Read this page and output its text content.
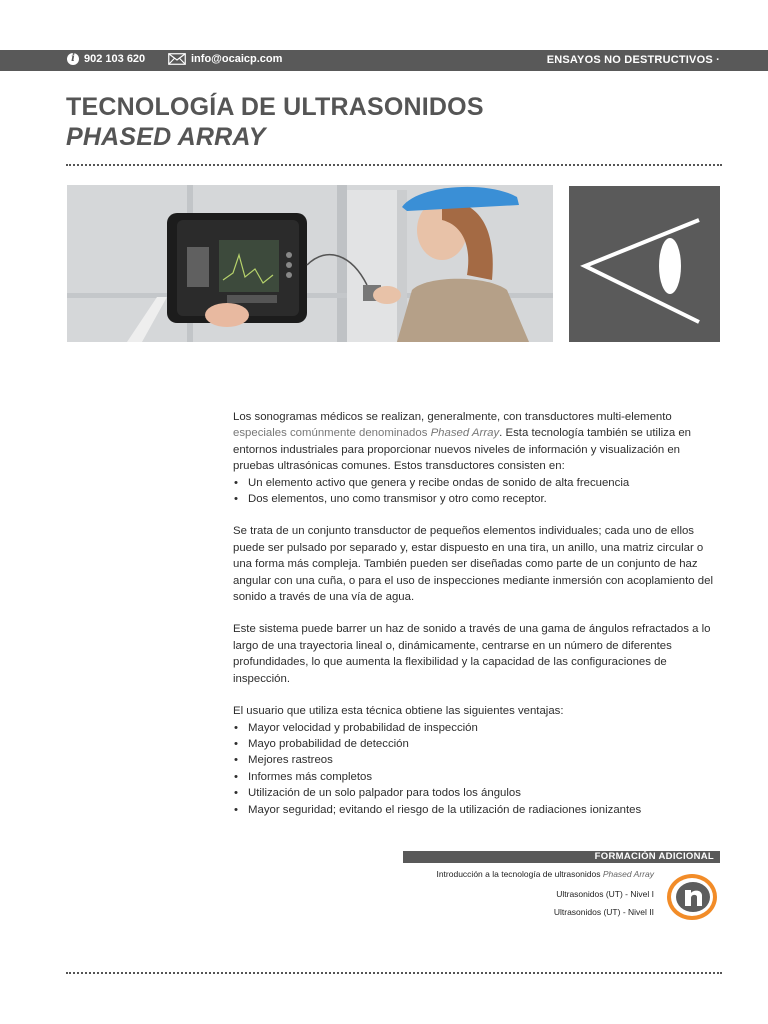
i 902 103 620	info@ocaicp.com	ENSAYOS NO DESTRUCTIVOS ·
TECNOLOGÍA DE ULTRASONIDOS
PHASED ARRAY

Los sonogramas médicos se realizan, generalmente, con transductores multi-elemento especiales comúnmente denominados Phased Array. Esta tecnología también se utiliza en entornos industriales para proporcionar nuevos niveles de información y visualización en pruebas ultrasónicas comunes. Estos transductores consisten en:

• Un elemento activo que genera y recibe ondas de sonido de alta frecuencia
• Dos elementos, uno como transmisor y otro como receptor.

Se trata de un conjunto transductor de pequeños elementos individuales; cada uno de ellos puede ser pulsado por separado y, estar dispuesto en una tira, un anillo, una matriz circular o una forma más compleja. También pueden ser diseñadas como parte de un conjunto de haz angular con una cuña, o para el uso de inspecciones mediante inmersión con acoplamiento del sonido a través de una vía de agua.

Este sistema puede barrer un haz de sonido a través de una gama de ángulos refractados a lo largo de una trayectoria lineal o, dinámicamente, centrarse en un número de diferentes profundidades, lo que aumenta la flexibilidad y la capacidad de las configuraciones de inspección.

El usuario que utiliza esta técnica obtiene las siguientes ventajas:

• Mayor velocidad y probabilidad de inspección
• Mayo probabilidad de detección
• Mejores rastreos
• Informes más completos
• Utilización de un solo palpador para todos los ángulos
• Mayor seguridad; evitando el riesgo de la utilización de radiaciones ionizantes
FORMACIÓN ADICIONAL
Introducción a la tecnología de ultrasonidos Phased Array
Ultrasonidos (UT) - Nivel I
Ultrasonidos (UT) - Nivel II
